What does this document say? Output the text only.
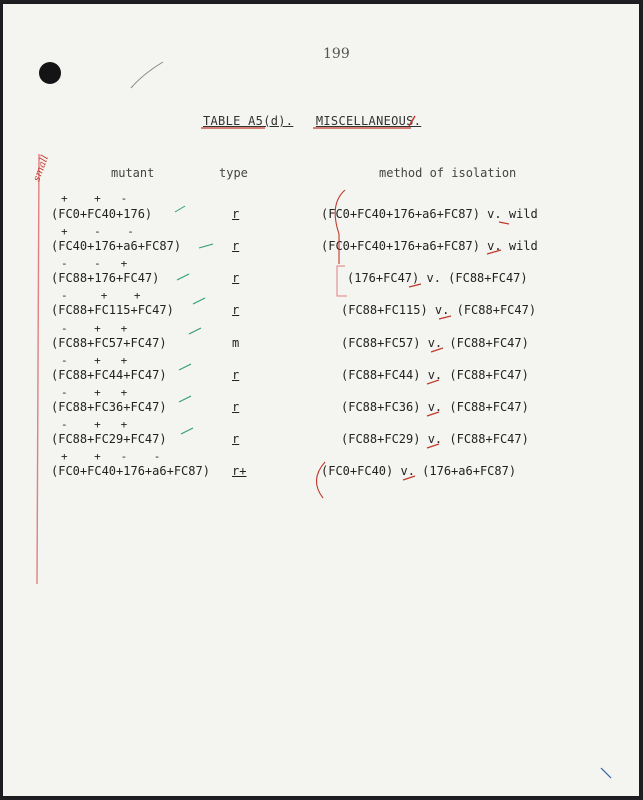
199
TABLE A5(d). MISCELLANEOUS.
mutant	type	method of isolation
+    +   -
(FC0+FC40+176)	r	(FC0+FC40+176+a6+FC87) v. wild
+    -    -
(FC40+176+a6+FC87)	r	(FC0+FC40+176+a6+FC87) v. wild
-    -   +
(FC88+176+FC47)	r	(176+FC47) v. (FC88+FC47)
-     +    +
(FC88+FC115+FC47)	r	(FC88+FC115) v. (FC88+FC47)
-    +   +
(FC88+FC57+FC47)	m	(FC88+FC57) v. (FC88+FC47)
-    +   +
(FC88+FC44+FC47)	r	(FC88+FC44) v. (FC88+FC47)
-    +   +
(FC88+FC36+FC47)	r	(FC88+FC36) v. (FC88+FC47)
-    +   +
(FC88+FC29+FC47)	r	(FC88+FC29) v. (FC88+FC47)
+    +   -    -
(FC0+FC40+176+a6+FC87) r+	(FC0+FC40) v. (176+a6+FC87)
small
